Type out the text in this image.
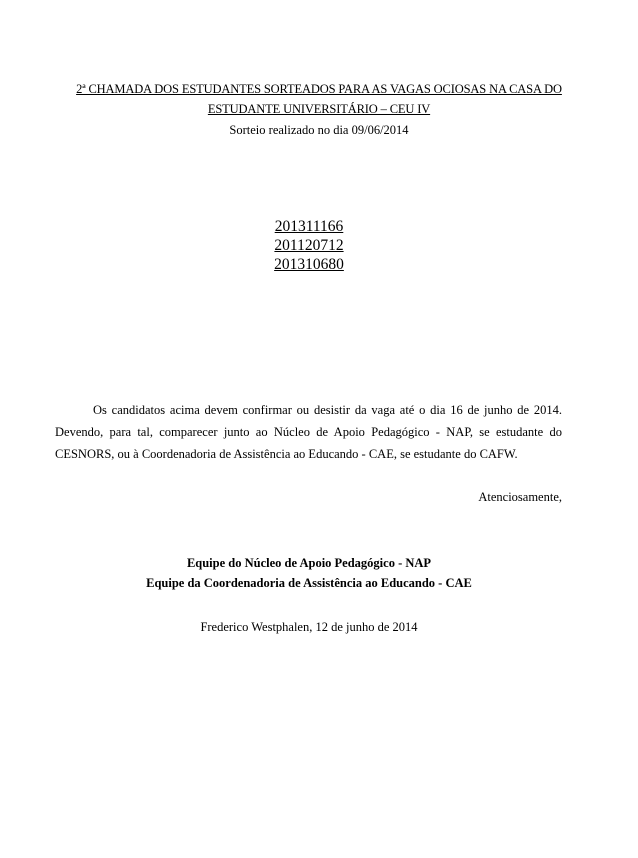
2ª CHAMADA DOS ESTUDANTES SORTEADOS PARA AS VAGAS OCIOSAS NA CASA DO
ESTUDANTE UNIVERSITÁRIO – CEU IV
Sorteio realizado no dia 09/06/2014
201311166
201120712
201310680
Os candidatos acima devem confirmar ou desistir da vaga até o dia 16 de junho de 2014. Devendo, para tal, comparecer junto ao Núcleo de Apoio Pedagógico - NAP, se estudante do CESNORS, ou à Coordenadoria de Assistência ao Educando - CAE, se estudante do CAFW.
Atenciosamente,
Equipe do Núcleo de Apoio Pedagógico - NAP
Equipe da Coordenadoria de Assistência ao Educando - CAE
Frederico Westphalen, 12 de junho de 2014
